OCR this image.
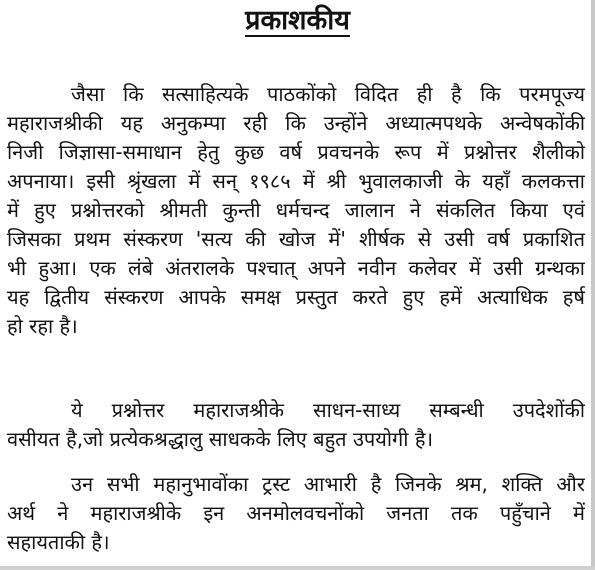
प्रकाशकीय
जैसा कि सत्साहित्यके पाठकोंको विदित ही है कि परमपूज्य
महाराजश्रीकी यह अनुकम्पा रही कि उन्होंने अध्यात्मपथके अन्वेषकोंकी
निजी जिज्ञासा-समाधान हेतु कुछ वर्ष प्रवचनके रूप में प्रश्नोत्तर शैलीको
अपनाया। इसी श्रृंखला में सन् १९८५ में श्री भुवालकाजी के यहाँ कलकत्ता
में हुए प्रश्नोत्तरको श्रीमती कुन्ती धर्मचन्द जालान ने संकलित किया एवं
जिसका प्रथम संस्करण 'सत्य की खोज में' शीर्षक से उसी वर्ष प्रकाशित
भी हुआ। एक लंबे अंतरालके पश्चात् अपने नवीन कलेवर में उसी ग्रन्थका
यह द्वितीय संस्करण आपके समक्ष प्रस्तुत करते हुए हमें अत्याधिक हर्ष
हो रहा है।
ये प्रश्नोत्तर महाराजश्रीके साधन-साध्य सम्बन्धी उपदेशोंकी
वसीयत है,जो प्रत्येकश्रद्धालु साधकके लिए बहुत उपयोगी है।
उन सभी महानुभावोंका ट्रस्ट आभारी है जिनके श्रम, शक्ति और
अर्थ ने महाराजश्रीके इन अनमोलवचनोंको जनता तक पहुँचाने में
सहायताकी है।
